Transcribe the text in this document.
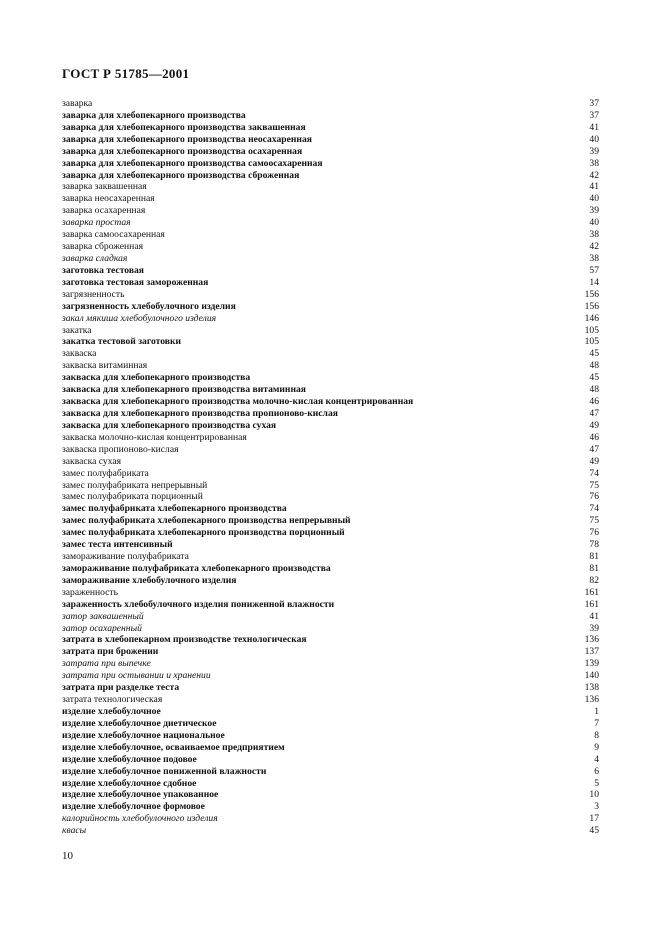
ГОСТ Р 51785—2001
заварка	37
заварка для хлебопекарного производства	37
заварка для хлебопекарного производства заквашенная	41
заварка для хлебопекарного производства неосахаренная	40
заварка для хлебопекарного производства осахаренная	39
заварка для хлебопекарного производства самоосахаренная	38
заварка для хлебопекарного производства сброженная	42
заварка заквашенная	41
заварка неосахаренная	40
заварка осахаренная	39
заварка простая	40
заварка самоосахаренная	38
заварка сброженная	42
заварка сладкая	38
заготовка тестовая	57
заготовка тестовая замороженная	14
загрязненность	156
загрязненность хлебобулочного изделия	156
закал мякиша хлебобулочного изделия	146
закатка	105
закатка тестовой заготовки	105
закваска	45
закваска витаминная	48
закваска для хлебопекарного производства	45
закваска для хлебопекарного производства витаминная	48
закваска для хлебопекарного производства молочно-кислая концентрированная	46
закваска для хлебопекарного производства пропионово-кислая	47
закваска для хлебопекарного производства сухая	49
закваска молочно-кислая концентрированная	46
закваска пропионово-кислая	47
закваска сухая	49
замес полуфабриката	74
замес полуфабриката непрерывный	75
замес полуфабриката порционный	76
замес полуфабриката хлебопекарного производства	74
замес полуфабриката хлебопекарного производства непрерывный	75
замес полуфабриката хлебопекарного производства порционный	76
замес теста интенсивный	78
замораживание полуфабриката	81
замораживание полуфабриката хлебопекарного производства	81
замораживание хлебобулочного изделия	82
зараженность	161
зараженность хлебобулочного изделия пониженной влажности	161
затор заквашенный	41
затор осахаренный	39
затрата в хлебопекарном производстве технологическая	136
затрата при брожении	137
затрата при выпечке	139
затрата при остывании и хранении	140
затрата при разделке теста	138
затрата технологическая	136
изделие хлебобулочное	1
изделие хлебобулочное диетическое	7
изделие хлебобулочное национальное	8
изделие хлебобулочное, осваиваемое предприятием	9
изделие хлебобулочное подовое	4
изделие хлебобулочное пониженной влажности	6
изделие хлебобулочное сдобное	5
изделие хлебобулочное упакованное	10
изделие хлебобулочное формовое	3
калорийность хлебобулочного изделия	17
квасы	45
10
